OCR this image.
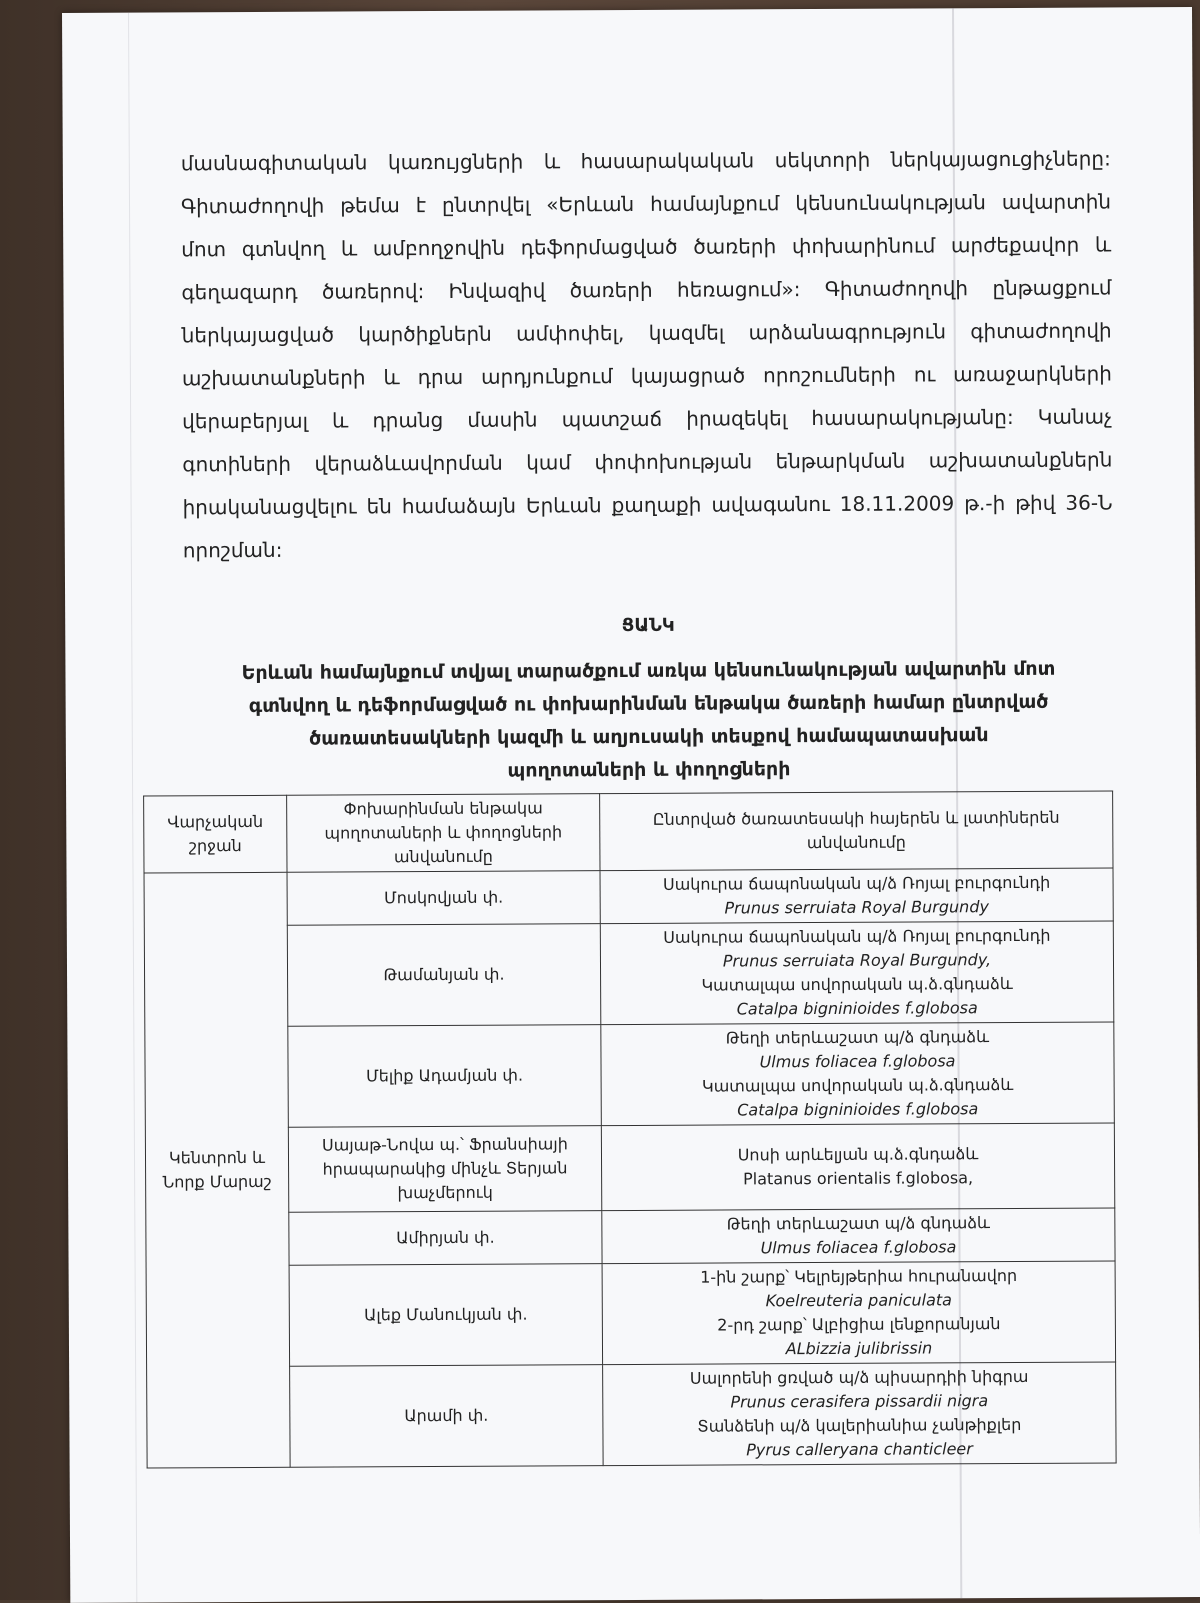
մասնագիտական կառույցների և հասարակական սեկտորի ներկայացուցիչները:

Գիտաժողովի թեմա է ընտրվել «Երևան համայնքում կենսունակության ավարտին

մոտ գտնվող և ամբողջովին դեֆորմացված ծառերի փոխարինում արժեքավոր և

գեղազարդ ծառերով: Ինվազիվ ծառերի հեռացում»: Գիտաժողովի ընթացքում

ներկայացված կարծիքներն ամփոփել, կազմել արձանագրություն գիտաժողովի

աշխատանքների և դրա արդյունքում կայացրած որոշումների ու առաջարկների

վերաբերյալ և դրանց մասին պատշաճ իրազեկել հասարակությանը: Կանաչ

գոտիների վերաձևավորման կամ փոփոխության ենթարկման աշխատանքներն

իրականացվելու են համաձայն Երևան քաղաքի ավագանու 18.11.2009 թ.-ի թիվ 36-Ն

որոշման:

ՑԱՆԿ
Երևան համայնքում տվյալ տարածքում առկա կենսունակության ավարտին մոտ
գտնվող և դեֆորմացված ու փոխարինման ենթակա ծառերի համար ընտրված
ծառատեսակների կազմի և աղյուսակի տեսքով համապատասխան
պողոտաների և փողոցների
Վարչական շրջան	Փոխարինման ենթակա պողոտաների և փողոցների անվանումը	Ընտրված ծառատեսակի հայերեն և լատիներեն անվանումը
Կենտրոն և Նորք Մարաշ	Մոսկովյան փ.	Սակուրա ճապոնական պ/ձ Ռոյալ բուրգունդի
Prunus serruiata Royal Burgundy

	Թամանյան փ.	Սակուրա ճապոնական պ/ձ Ռոյալ բուրգունդի
Prunus serruiata Royal Burgundy,
Կատալպա սովորական պ.ձ.գնդաձև
Catalpa bigninioides f.globosa

	Մելիք Ադամյան փ.	Թեղի տերևաշատ պ/ձ գնդաձև
Ulmus foliacea f.globosa
Կատալպա սովորական պ.ձ.գնդաձև
Catalpa bigninioides f.globosa

	Սայաթ-Նովա պ.՝ Ֆրանսիայի հրապարակից մինչև Տերյան խաչմերուկ	Սոսի արևելյան պ.ձ.գնդաձև
Platanus orientalis f.globosa,

	Ամիրյան փ.	Թեղի տերևաշատ պ/ձ գնդաձև
Ulmus foliacea f.globosa

	Ալեք Մանուկյան փ.	1-ին շարք՝ Կելրեյթերիա հուրանավոր
Koelreuteria paniculata
2-րդ շարք՝ Ալբիցիա լենքորանյան
ALbizzia julibrissin

	Արամի փ.	Սալորենի ցռված պ/ձ պիսարդիի նիգրա
Prunus cerasifera pissardii nigra
Տանձենի պ/ձ կալերիանիա չանթիքլեր
Pyrus calleryana chanticleer
